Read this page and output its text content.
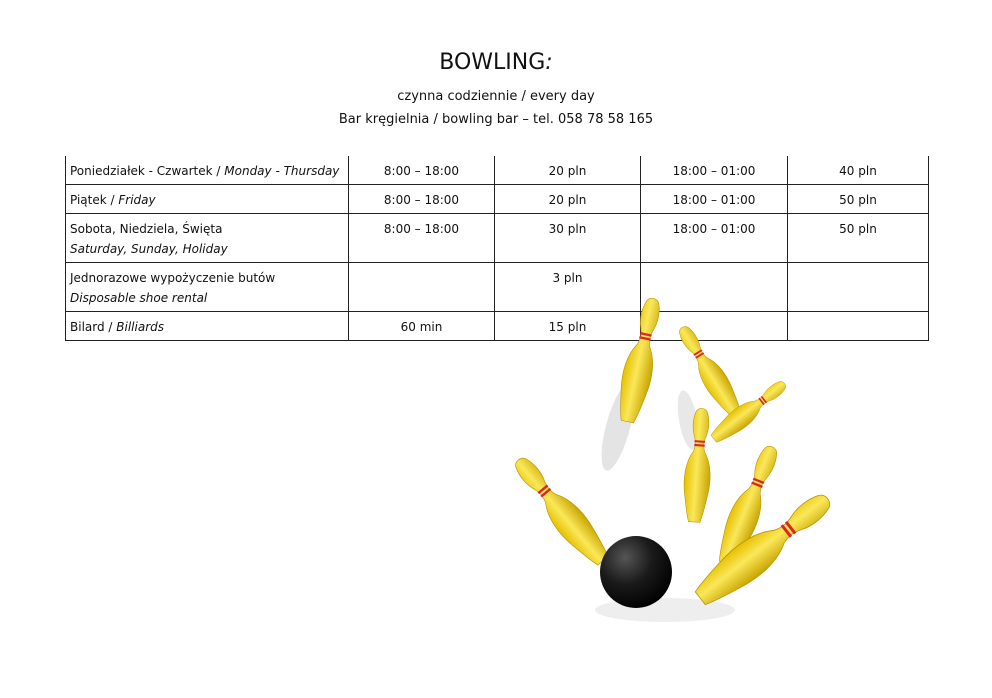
BOWLING:
czynna codziennie / every day
Bar kręgielnia / bowling bar – tel. 058 78 58 165
Poniedziałek - Czwartek / Monday - Thursday	8:00 – 18:00	20 pln	18:00 – 01:00	40 pln
Piątek / Friday	8:00 – 18:00	20 pln	18:00 – 01:00	50 pln
Sobota, Niedziela, Święta
Saturday, Sunday, Holiday	8:00 – 18:00	30 pln	18:00 – 01:00	50 pln
Jednorazowe wypożyczenie butów
Disposable shoe rental		3 pln		
Bilard / Billiards	60 min	15 pln		
